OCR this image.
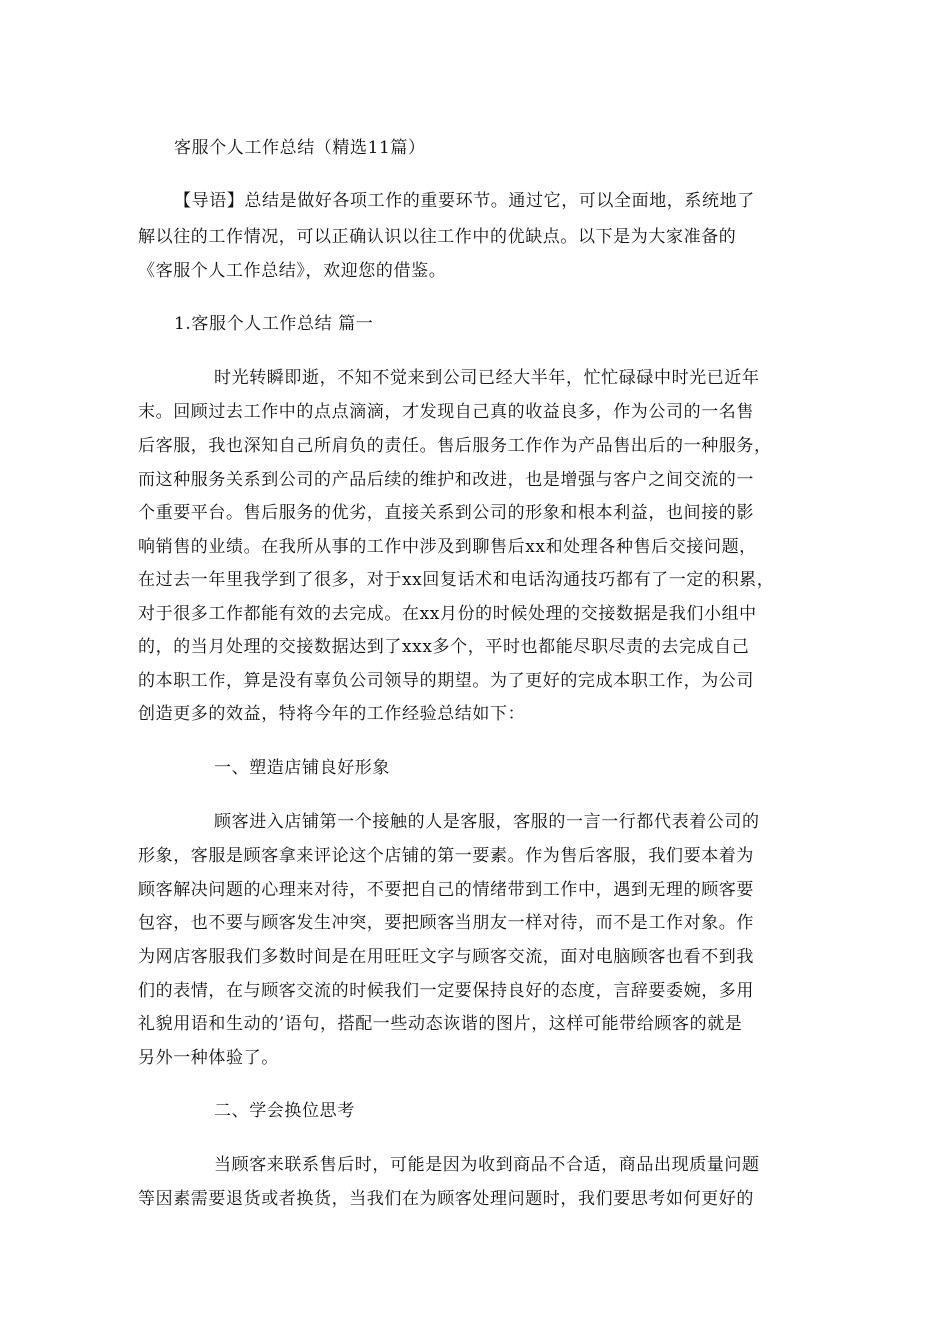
客服个人工作总结（精选11篇）
【导语】总结是做好各项工作的重要环节。通过它，可以全面地，系统地了
解以往的工作情况，可以正确认识以往工作中的优缺点。以下是为大家准备的
《客服个人工作总结》，欢迎您的借鉴。
1.客服个人工作总结 篇一
时光转瞬即逝，不知不觉来到公司已经大半年，忙忙碌碌中时光已近年
末。回顾过去工作中的点点滴滴，才发现自己真的收益良多，作为公司的一名售
后客服，我也深知自己所肩负的责任。售后服务工作作为产品售出后的一种服务，
而这种服务关系到公司的产品后续的维护和改进，也是增强与客户之间交流的一
个重要平台。售后服务的优劣，直接关系到公司的形象和根本利益，也间接的影
响销售的业绩。在我所从事的工作中涉及到聊售后xx和处理各种售后交接问题，
在过去一年里我学到了很多，对于xx回复话术和电话沟通技巧都有了一定的积累，
对于很多工作都能有效的去完成。在xx月份的时候处理的交接数据是我们小组中
的，的当月处理的交接数据达到了xxx多个，平时也都能尽职尽责的去完成自己
的本职工作，算是没有辜负公司领导的期望。为了更好的完成本职工作，为公司
创造更多的效益，特将今年的工作经验总结如下：
一、塑造店铺良好形象
顾客进入店铺第一个接触的人是客服，客服的一言一行都代表着公司的
形象，客服是顾客拿来评论这个店铺的第一要素。作为售后客服，我们要本着为
顾客解决问题的心理来对待，不要把自己的情绪带到工作中，遇到无理的顾客要
包容，也不要与顾客发生冲突，要把顾客当朋友一样对待，而不是工作对象。作
为网店客服我们多数时间是在用旺旺文字与顾客交流，面对电脑顾客也看不到我
们的表情，在与顾客交流的时候我们一定要保持良好的态度，言辞要委婉，多用
礼貌用语和生动的’语句，搭配一些动态诙谐的图片，这样可能带给顾客的就是
另外一种体验了。
二、学会换位思考
当顾客来联系售后时，可能是因为收到商品不合适，商品出现质量问题
等因素需要退货或者换货，当我们在为顾客处理问题时，我们要思考如何更好的
